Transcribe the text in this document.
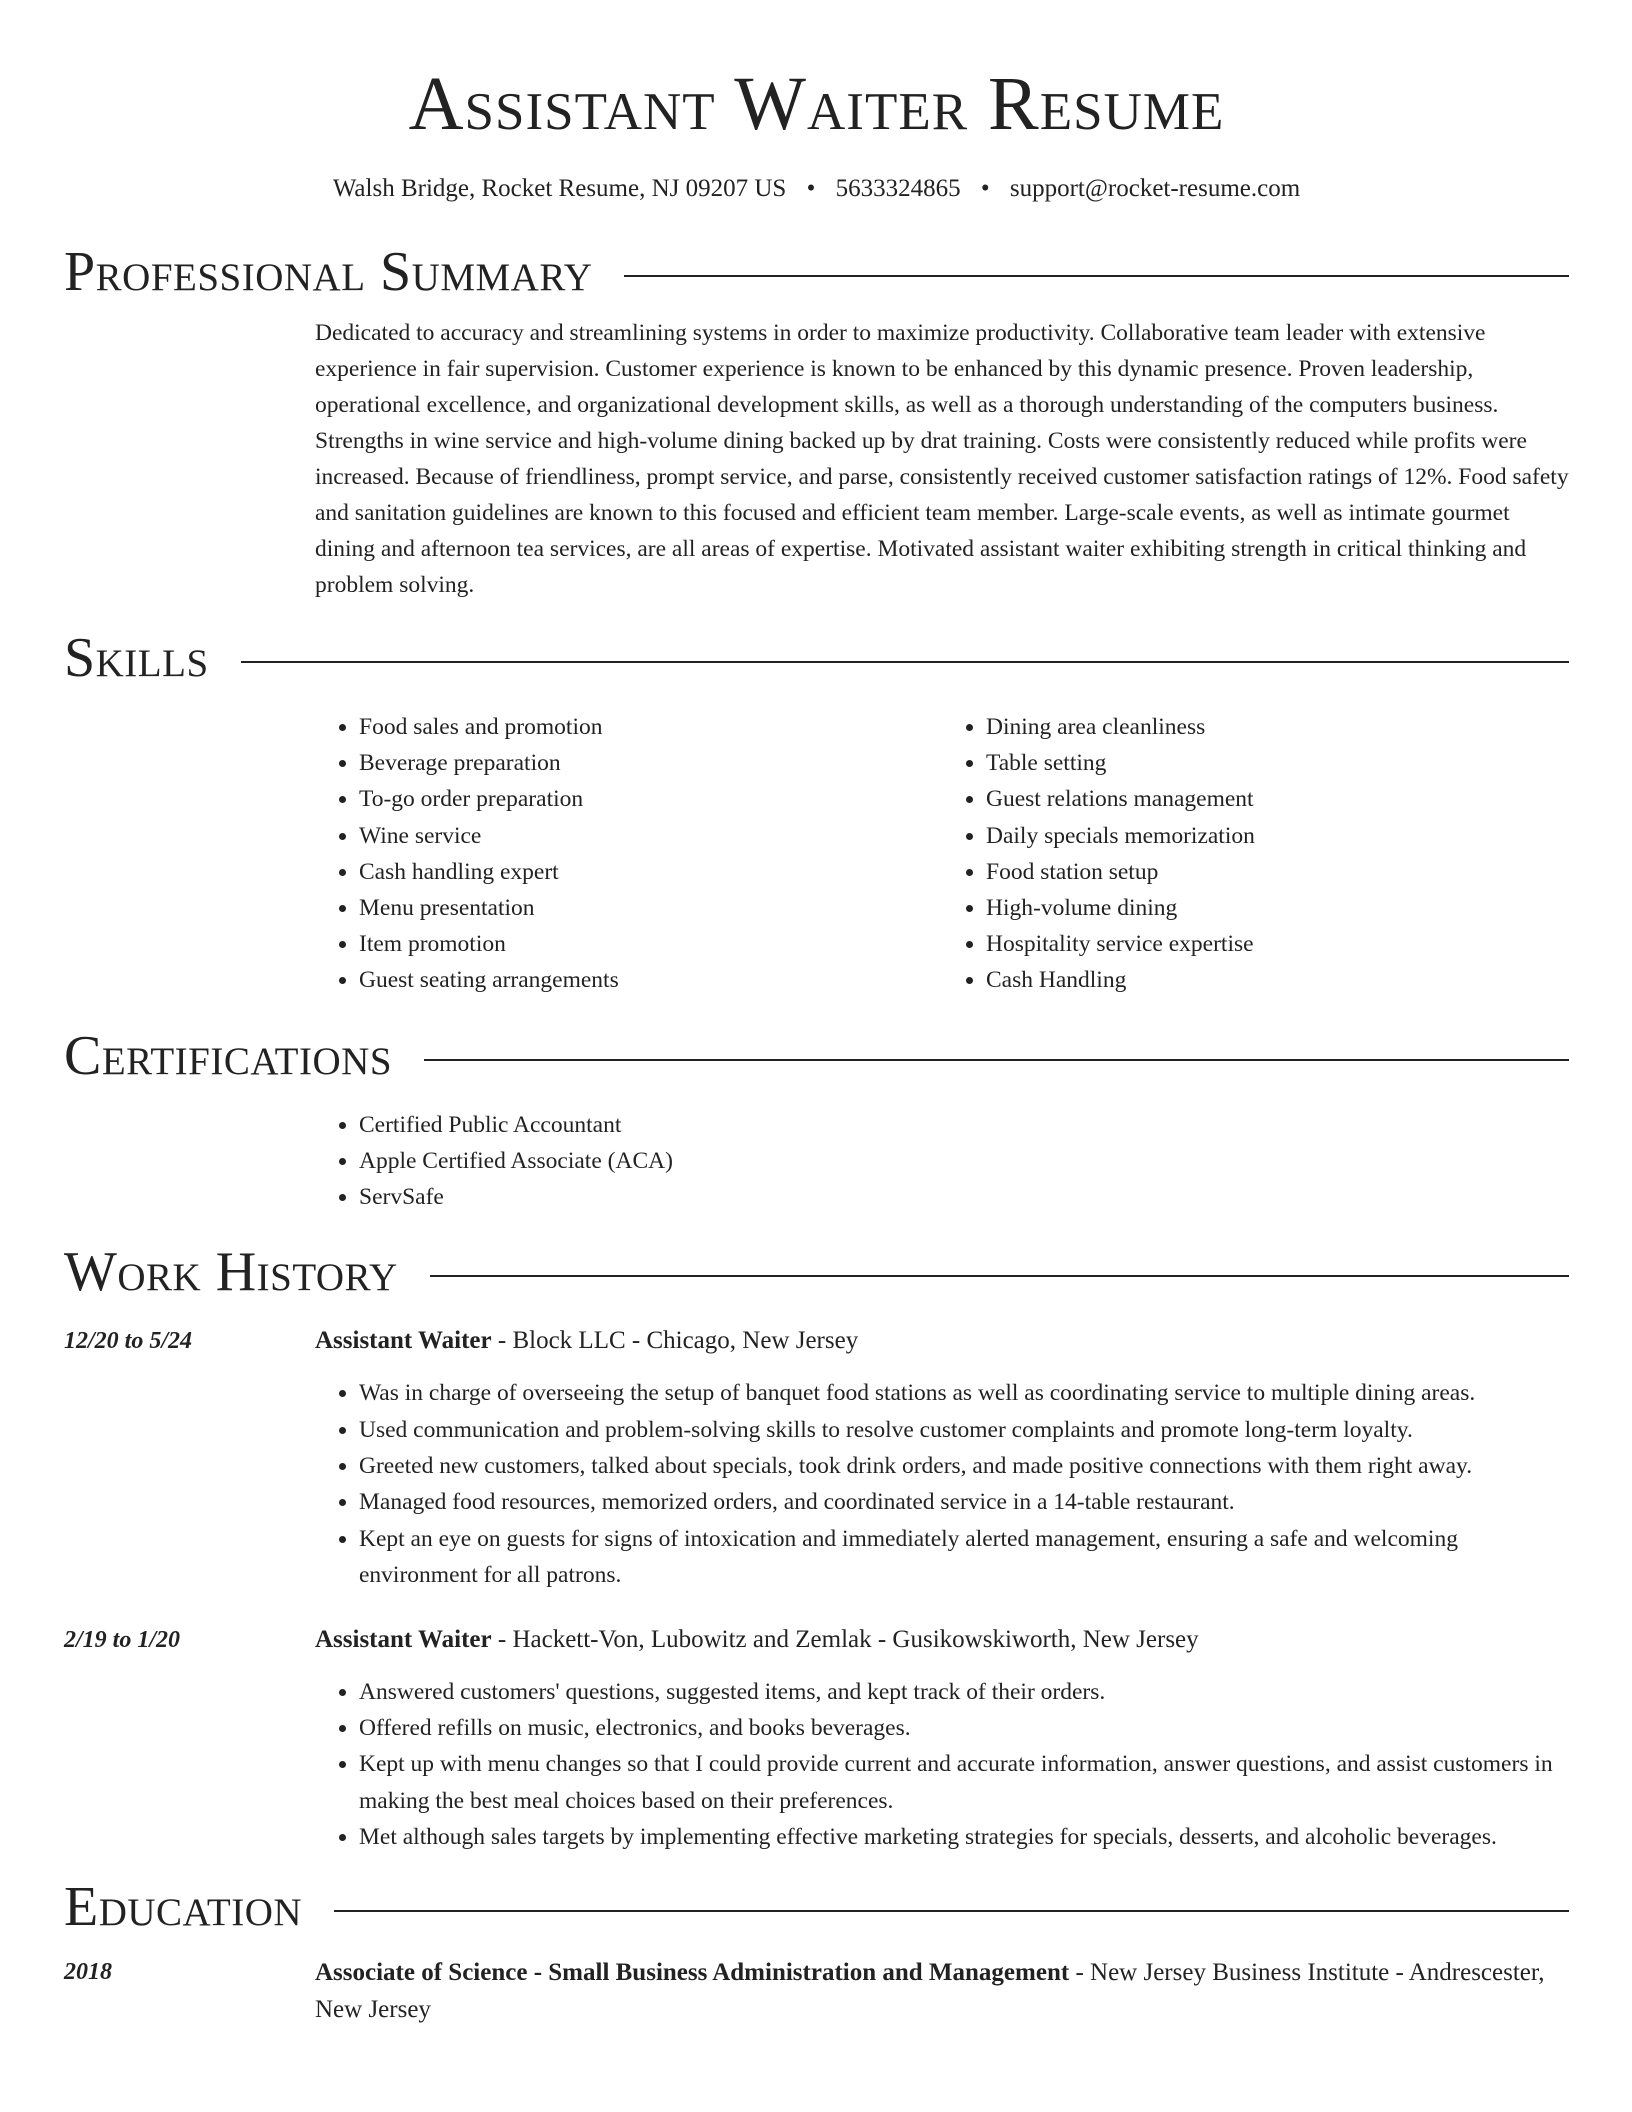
Assistant Waiter Resume
Walsh Bridge, Rocket Resume, NJ 09207 US • 5633324865 • support@rocket-resume.com
Professional Summary

Dedicated to accuracy and streamlining systems in order to maximize productivity. Collaborative team leader with extensive experience in fair supervision. Customer experience is known to be enhanced by this dynamic presence. Proven leadership, operational excellence, and organizational development skills, as well as a thorough understanding of the computers business. Strengths in wine service and high-volume dining backed up by drat training. Costs were consistently reduced while profits were increased. Because of friendliness, prompt service, and parse, consistently received customer satisfaction ratings of 12%. Food safety and sanitation guidelines are known to this focused and efficient team member. Large-scale events, as well as intimate gourmet dining and afternoon tea services, are all areas of expertise. Motivated assistant waiter exhibiting strength in critical thinking and problem solving.

Skills
• Food sales and promotion
• Beverage preparation
• To-go order preparation
• Wine service
• Cash handling expert
• Menu presentation
• Item promotion
• Guest seating arrangements
• Dining area cleanliness
• Table setting
• Guest relations management
• Daily specials memorization
• Food station setup
• High-volume dining
• Hospitality service expertise
• Cash Handling
Certifications
• Certified Public Accountant
• Apple Certified Associate (ACA)
• ServSafe
Work History
12/20 to 5/24	Assistant Waiter - Block LLC - Chicago, New Jersey

• Was in charge of overseeing the setup of banquet food stations as well as coordinating service to multiple dining areas.
• Used communication and problem-solving skills to resolve customer complaints and promote long-term loyalty.
• Greeted new customers, talked about specials, took drink orders, and made positive connections with them right away.
• Managed food resources, memorized orders, and coordinated service in a 14-table restaurant.
• Kept an eye on guests for signs of intoxication and immediately alerted management, ensuring a safe and welcoming environment for all patrons.
2/19 to 1/20	Assistant Waiter - Hackett-Von, Lubowitz and Zemlak - Gusikowskiworth, New Jersey

• Answered customers' questions, suggested items, and kept track of their orders.
• Offered refills on music, electronics, and books beverages.
• Kept up with menu changes so that I could provide current and accurate information, answer questions, and assist customers in making the best meal choices based on their preferences.
• Met although sales targets by implementing effective marketing strategies for specials, desserts, and alcoholic beverages.
Education
2018	Associate of Science - Small Business Administration and Management - New Jersey Business Institute - Andrescester, New Jersey
